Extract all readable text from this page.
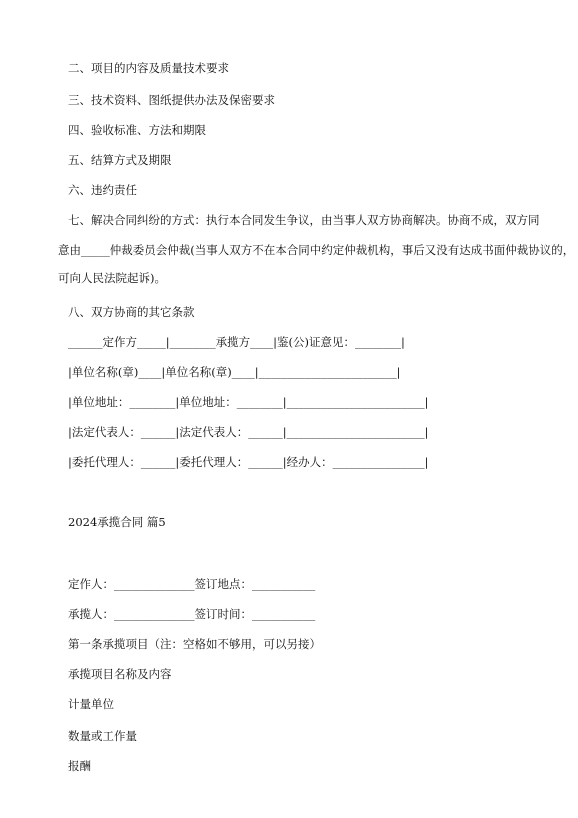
二、项目的内容及质量技术要求
三、技术资料、图纸提供办法及保密要求
四、验收标准、方法和期限
五、结算方式及期限
六、违约责任
七、解决合同纠纷的方式：执行本合同发生争议，由当事人双方协商解决。协商不成，双方同
意由_____仲裁委员会仲裁(当事人双方不在本合同中约定仲裁机构，事后又没有达成书面仲裁协议的，
可向人民法院起诉)。
八、双方协商的其它条款
______定作方_____|________承揽方____|鉴(公)证意见：________|
|单位名称(章)____|单位名称(章)____|________________________|
|单位地址：________|单位地址：________|________________________|
|法定代表人：______|法定代表人：______|________________________|
|委托代理人：______|委托代理人：______|经办人：________________|
2024承揽合同 篇5
定作人：______________签订地点：___________
承揽人：______________签订时间：___________
第一条承揽项目（注：空格如不够用，可以另接）
承揽项目名称及内容
计量单位
数量或工作量
报酬
